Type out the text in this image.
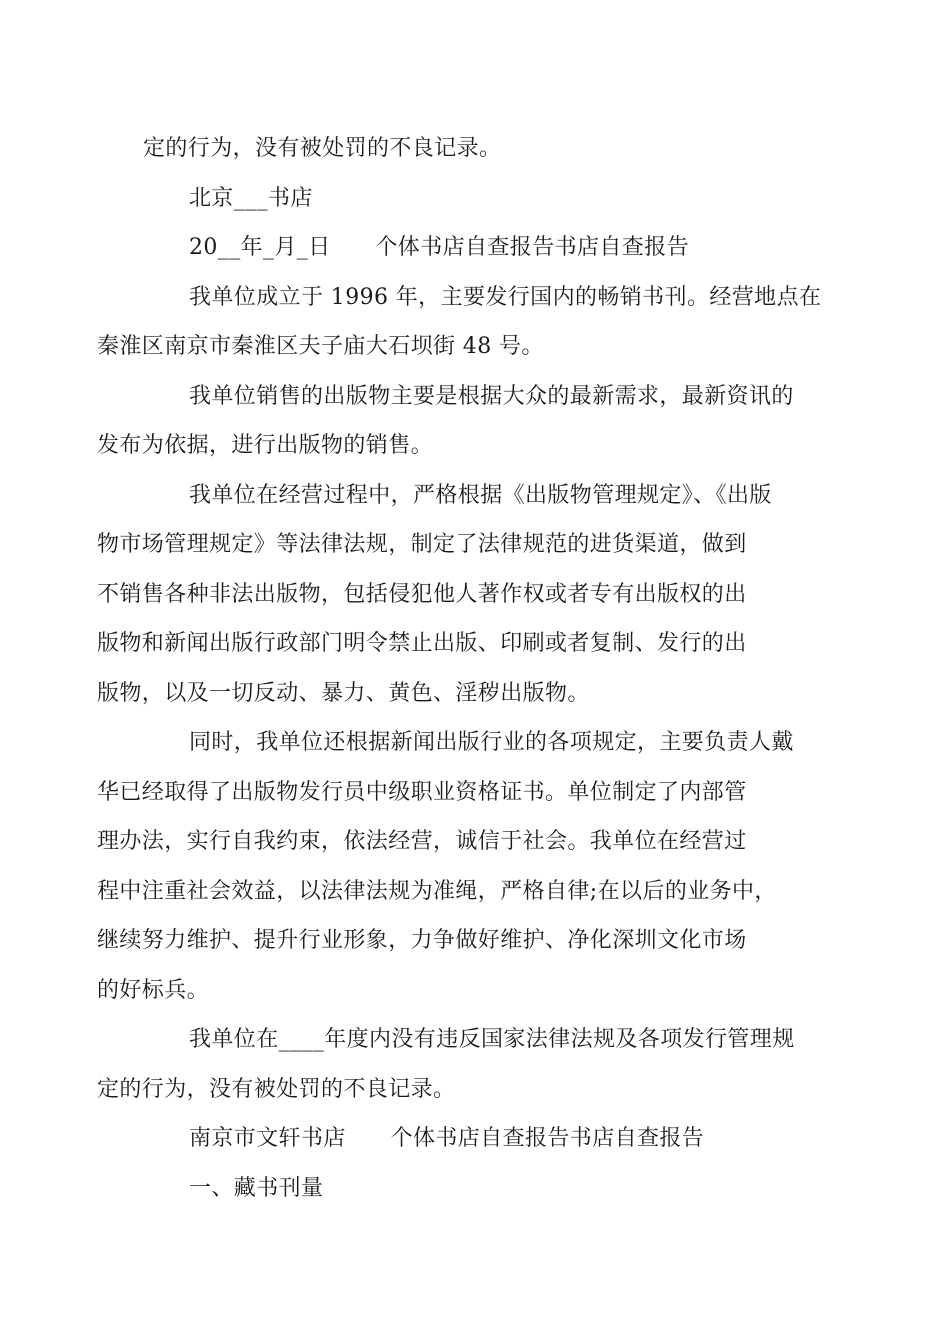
定的行为，没有被处罚的不良记录。

北京___书店

20__年_月_日　　个体书店自查报告书店自查报告

我单位成立于 1996 年，主要发行国内的畅销书刊。经营地点在
秦淮区南京市秦淮区夫子庙大石坝街 48 号。

我单位销售的出版物主要是根据大众的最新需求，最新资讯的
发布为依据，进行出版物的销售。

我单位在经营过程中，严格根据《出版物管理规定》、《出版
物市场管理规定》等法律法规，制定了法律规范的进货渠道，做到
不销售各种非法出版物，包括侵犯他人著作权或者专有出版权的出
版物和新闻出版行政部门明令禁止出版、印刷或者复制、发行的出
版物，以及一切反动、暴力、黄色、淫秽出版物。

同时，我单位还根据新闻出版行业的各项规定，主要负责人戴
华已经取得了出版物发行员中级职业资格证书。单位制定了内部管
理办法，实行自我约束，依法经营，诚信于社会。我单位在经营过
程中注重社会效益，以法律法规为准绳，严格自律;在以后的业务中，
继续努力维护、提升行业形象，力争做好维护、净化深圳文化市场
的好标兵。

我单位在____年度内没有违反国家法律法规及各项发行管理规
定的行为，没有被处罚的不良记录。

南京市文轩书店　　个体书店自查报告书店自查报告

一、藏书刊量
